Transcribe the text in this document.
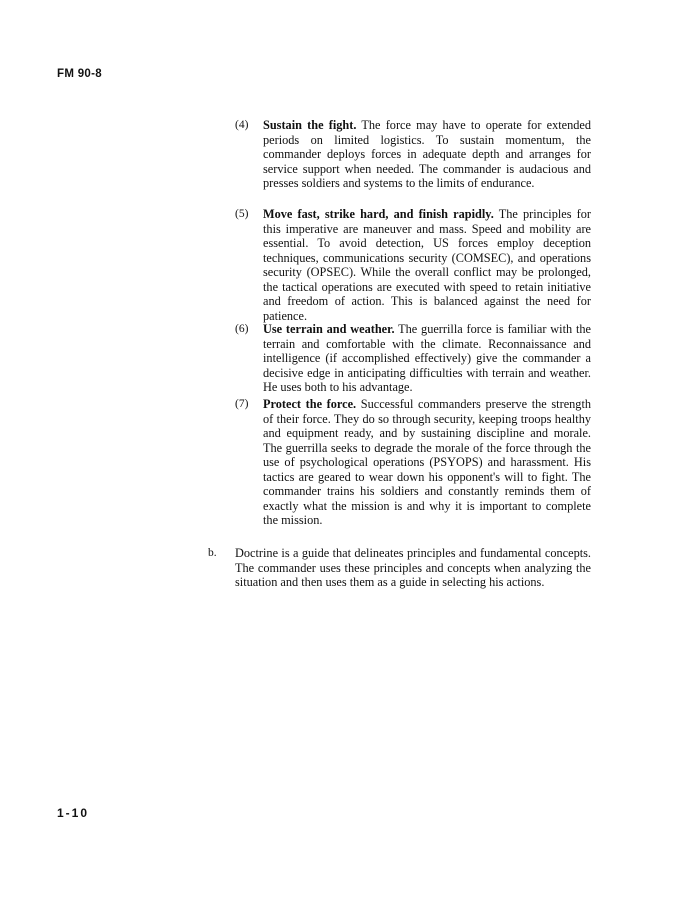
FM 90-8
(4) Sustain the fight. The force may have to operate for extended periods on limited logistics. To sustain momentum, the commander deploys forces in adequate depth and arranges for service support when needed. The commander is audacious and presses soldiers and systems to the limits of endurance.
(5) Move fast, strike hard, and finish rapidly. The principles for this imperative are maneuver and mass. Speed and mobility are essential. To avoid detection, US forces employ deception techniques, communications security (COMSEC), and operations security (OPSEC). While the overall conflict may be prolonged, the tactical operations are executed with speed to retain initiative and freedom of action. This is balanced against the need for patience.
(6) Use terrain and weather. The guerrilla force is familiar with the terrain and comfortable with the climate. Reconnaissance and intelligence (if accomplished effectively) give the commander a decisive edge in anticipating difficulties with terrain and weather. He uses both to his advantage.
(7) Protect the force. Successful commanders preserve the strength of their force. They do so through security, keeping troops healthy and equipment ready, and by sustaining discipline and morale. The guerrilla seeks to degrade the morale of the force through the use of psychological operations (PSYOPS) and harassment. His tactics are geared to wear down his opponent's will to fight. The commander trains his soldiers and constantly reminds them of exactly what the mission is and why it is important to complete the mission.
b. Doctrine is a guide that delineates principles and fundamental concepts. The commander uses these principles and concepts when analyzing the situation and then uses them as a guide in selecting his actions.
1-10
